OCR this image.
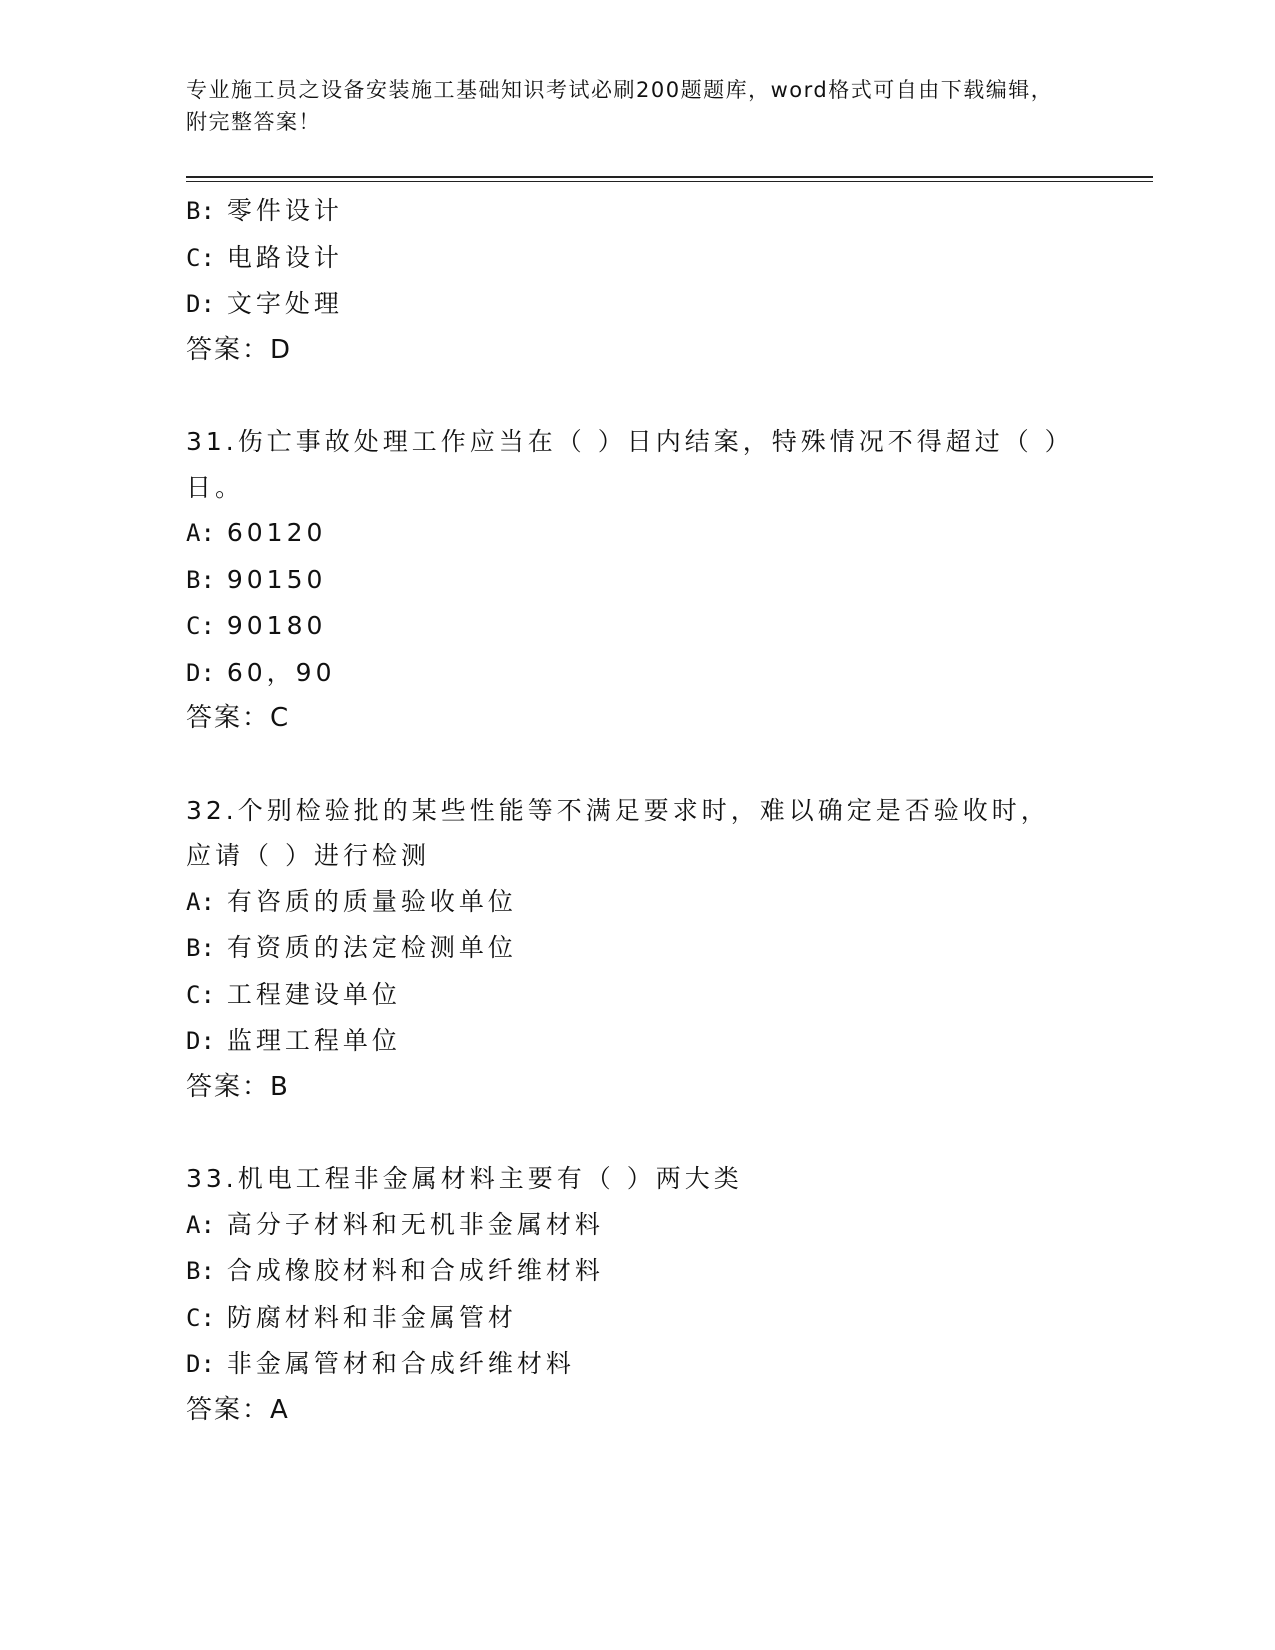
专业施工员之设备安装施工基础知识考试必刷200题题库，word格式可自由下载编辑，附完整答案！
B: 零件设计
C: 电路设计
D: 文字处理
答案：D
31.伤亡事故处理工作应当在（ ）日内结案，特殊情况不得超过（ ）日。
A: 60120
B: 90150
C: 90180
D: 60，90
答案：C
32.个别检验批的某些性能等不满足要求时，难以确定是否验收时，应请（ ）进行检测
A: 有咨质的质量验收单位
B: 有资质的法定检测单位
C: 工程建设单位
D: 监理工程单位
答案：B
33.机电工程非金属材料主要有（ ）两大类
A: 高分子材料和无机非金属材料
B: 合成橡胶材料和合成纤维材料
C: 防腐材料和非金属管材
D: 非金属管材和合成纤维材料
答案：A
